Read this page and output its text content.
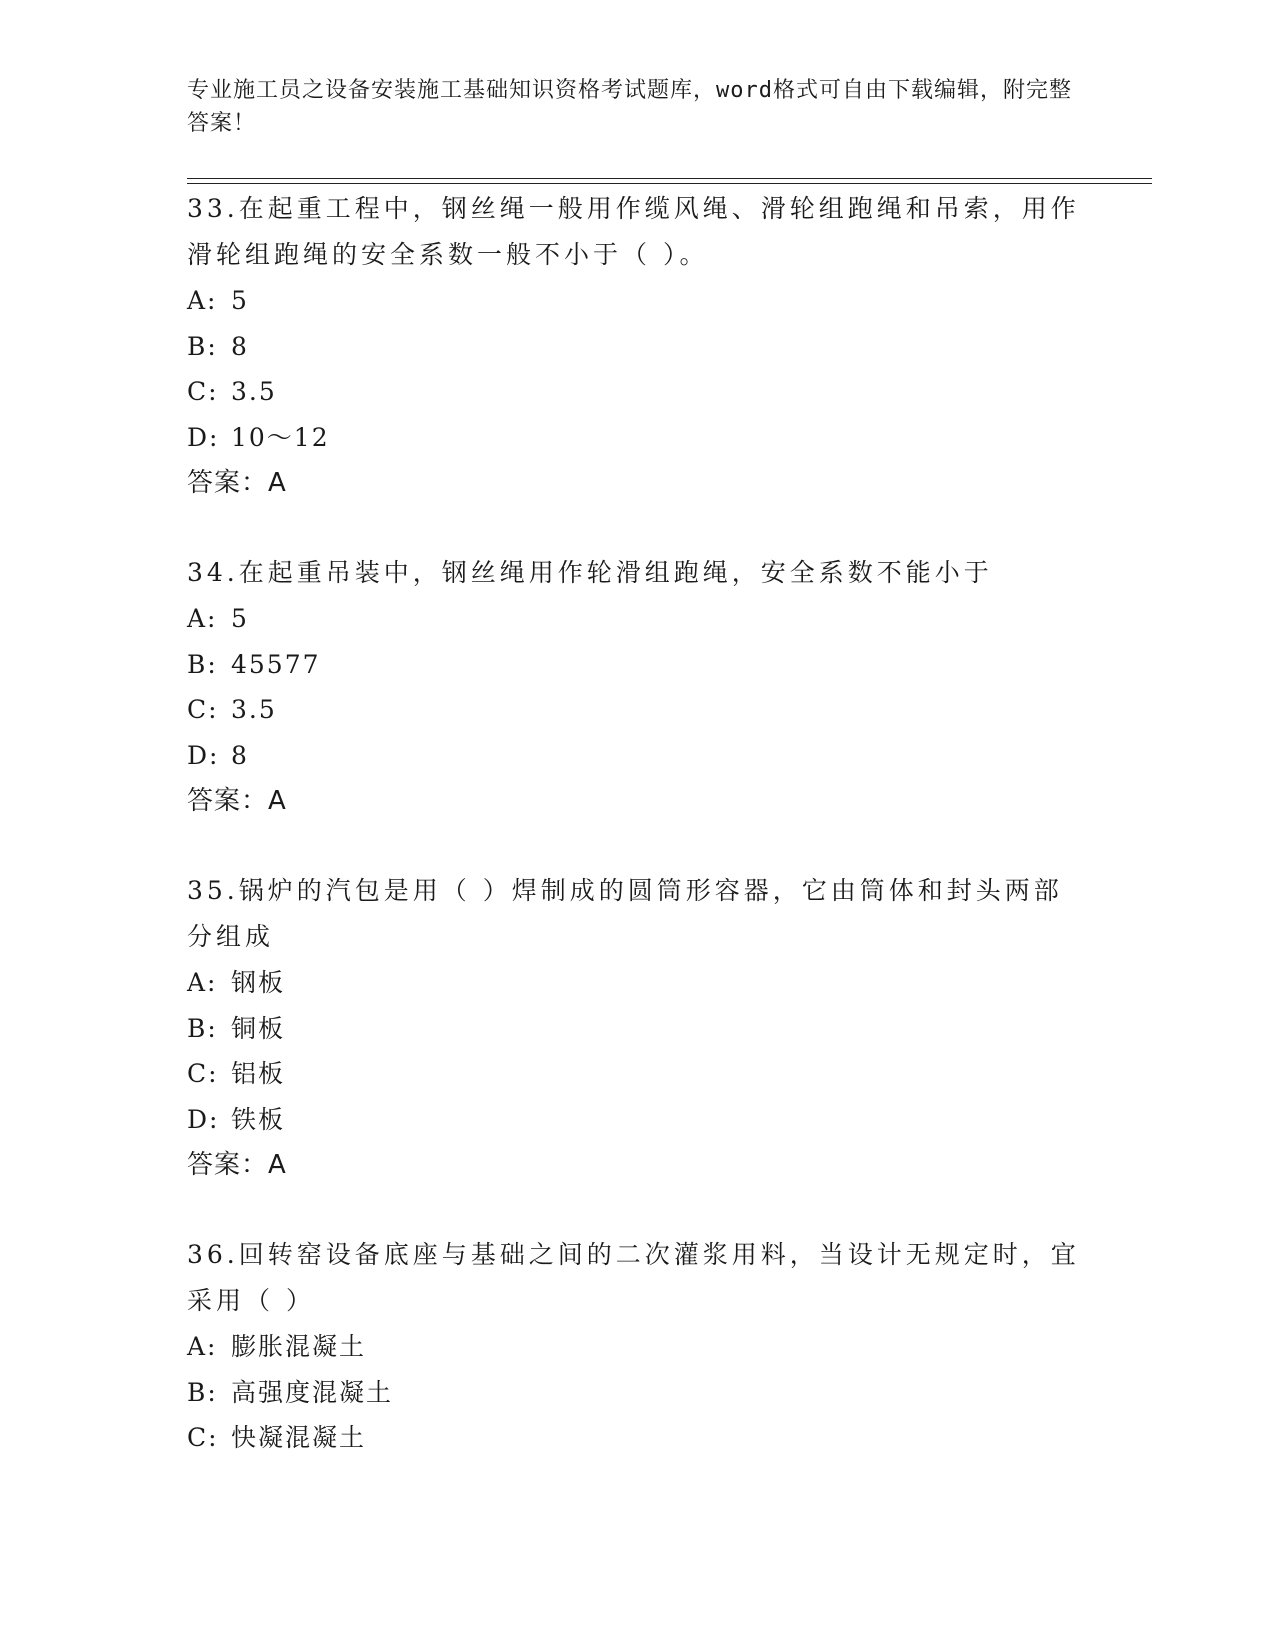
专业施工员之设备安装施工基础知识资格考试题库，word格式可自由下载编辑，附完整答案！

33.在起重工程中，钢丝绳一般用作缆风绳、滑轮组跑绳和吊索，用作滑轮组跑绳的安全系数一般不小于（ ）。

A: 5

B: 8

C: 3.5

D: 10～12

答案：A

34.在起重吊装中，钢丝绳用作轮滑组跑绳，安全系数不能小于

A: 5

B: 45577

C: 3.5

D: 8

答案：A

35.锅炉的汽包是用（ ）焊制成的圆筒形容器，它由筒体和封头两部分组成

A: 钢板

B: 铜板

C: 铝板

D: 铁板

答案：A

36.回转窑设备底座与基础之间的二次灌浆用料，当设计无规定时，宜采用（ ）

A: 膨胀混凝土

B: 高强度混凝土

C: 快凝混凝土
